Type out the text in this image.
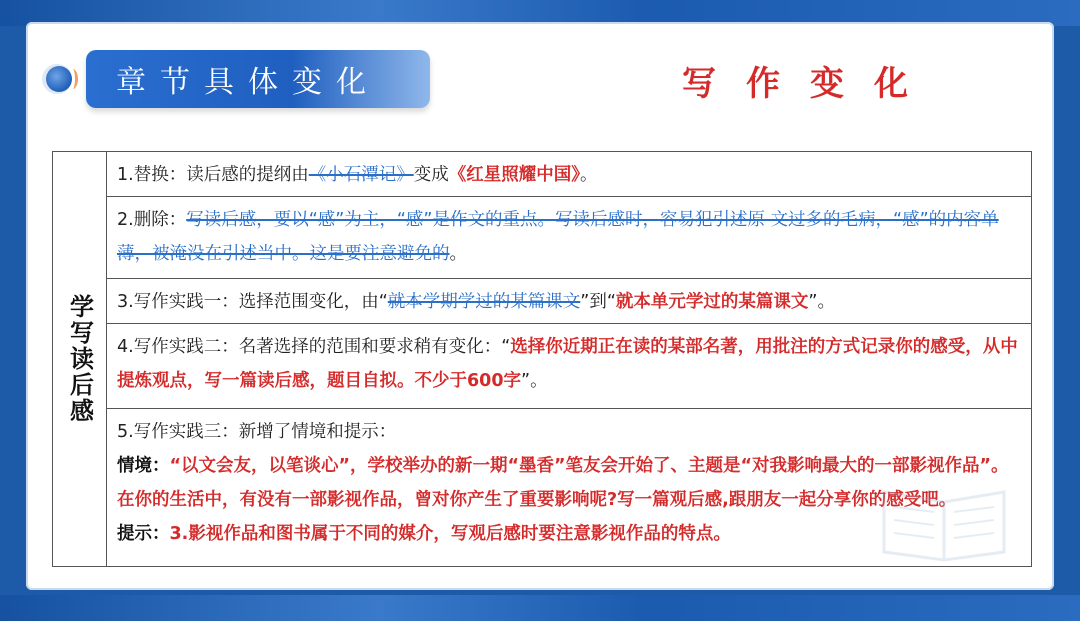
章节具体变化	写作变化
学写读后感
1.替换：读后感的提纲由《小石潭记》变成《红星照耀中国》。
2.删除：写读后感，要以“感”为主，“感”是作文的重点。写读后感时，容易犯引述原 文过多的毛病，“感”的内容单薄，被淹没在引述当中。这是要注意避免的。
3.写作实践一：选择范围变化，由“就本学期学过的某篇课文”到“就本单元学过的某篇课文”。
4.写作实践二：名著选择的范围和要求稍有变化：“选择你近期正在读的某部名著，用批注的方式记录你的感受，从中提炼观点，写一篇读后感，题目自拟。不少于600字”。
5.写作实践三：新增了情境和提示：
情境：“以文会友，以笔谈心”，学校举办的新一期“墨香”笔友会开始了、主题是“对我影响最大的一部影视作品”。在你的生活中，有没有一部影视作品，曾对你产生了重要影响呢?写一篇观后感,跟朋友一起分享你的感受吧。
提示：3.影视作品和图书属于不同的媒介，写观后感时要注意影视作品的特点。
